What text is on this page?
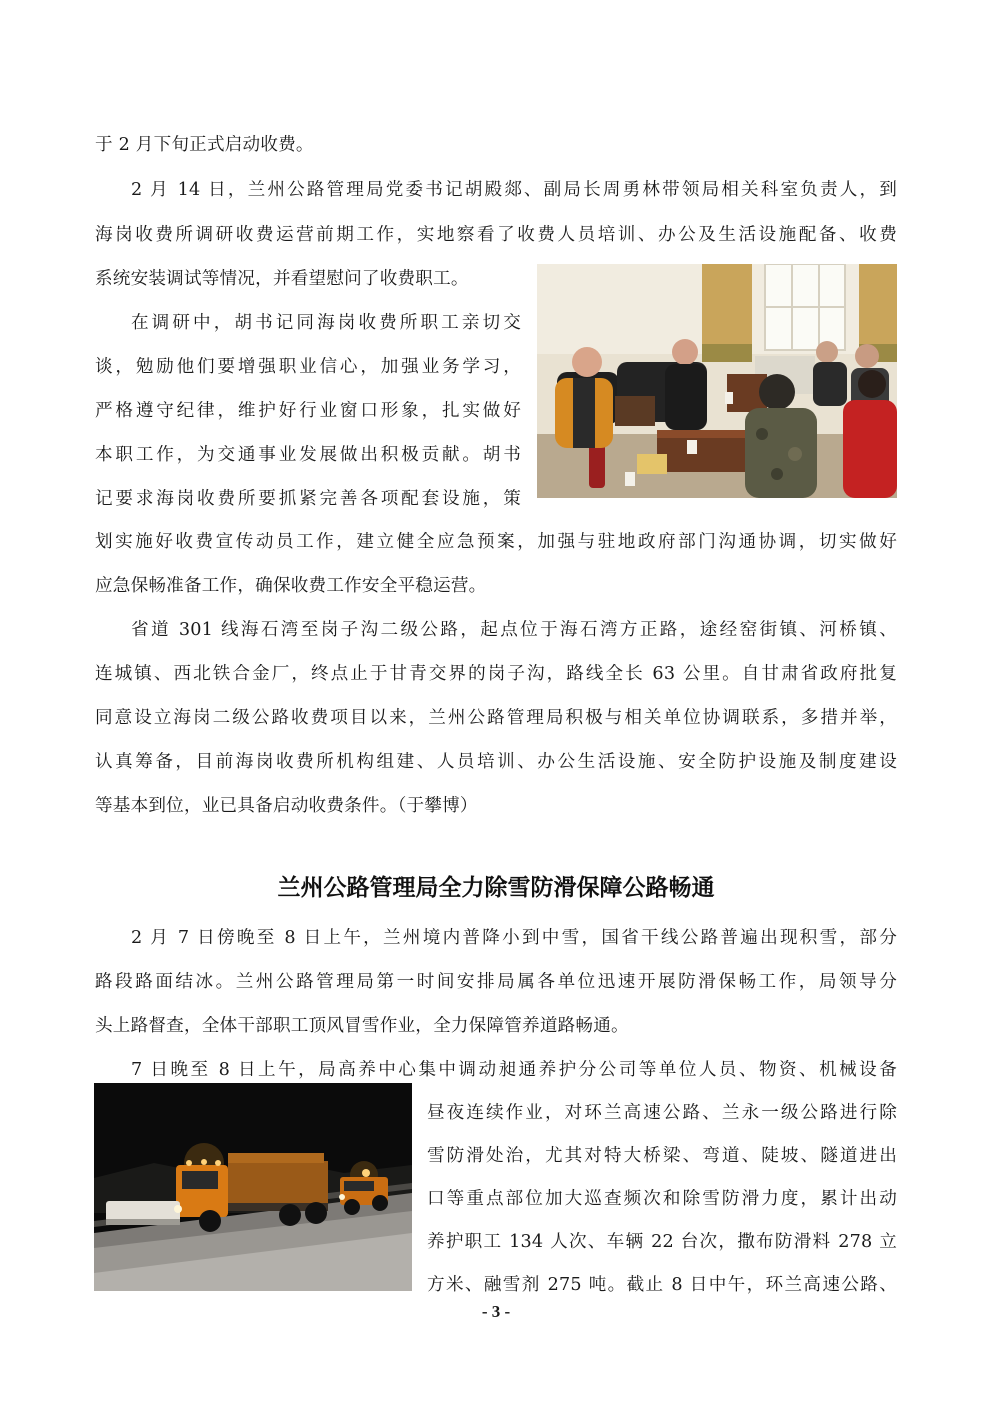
于 2 月下旬正式启动收费。
2 月 14 日，兰州公路管理局党委书记胡殿郯、副局长周勇林带领局相关科室负责人，到
海岗收费所调研收费运营前期工作，实地察看了收费人员培训、办公及生活设施配备、收费
系统安装调试等情况，并看望慰问了收费职工。
在调研中，胡书记同海岗收费所职工亲切交
谈，勉励他们要增强职业信心，加强业务学习，
严格遵守纪律，维护好行业窗口形象，扎实做好
本职工作，为交通事业发展做出积极贡献。胡书
记要求海岗收费所要抓紧完善各项配套设施，策
划实施好收费宣传动员工作，建立健全应急预案，加强与驻地政府部门沟通协调，切实做好
应急保畅准备工作，确保收费工作安全平稳运营。
省道 301 线海石湾至岗子沟二级公路，起点位于海石湾方正路，途经窑街镇、河桥镇、
连城镇、西北铁合金厂，终点止于甘青交界的岗子沟，路线全长 63 公里。自甘肃省政府批复
同意设立海岗二级公路收费项目以来，兰州公路管理局积极与相关单位协调联系，多措并举，
认真筹备，目前海岗收费所机构组建、人员培训、办公生活设施、安全防护设施及制度建设
等基本到位，业已具备启动收费条件。（于攀博）
兰州公路管理局全力除雪防滑保障公路畅通
2 月 7 日傍晚至 8 日上午，兰州境内普降小到中雪，国省干线公路普遍出现积雪，部分
路段路面结冰。兰州公路管理局第一时间安排局属各单位迅速开展防滑保畅工作，局领导分
头上路督查，全体干部职工顶风冒雪作业，全力保障管养道路畅通。
7 日晚至 8 日上午，局高养中心集中调动昶通养护分公司等单位人员、物资、机械设备
昼夜连续作业，对环兰高速公路、兰永一级公路进行除
雪防滑处治，尤其对特大桥梁、弯道、陡坡、隧道进出
口等重点部位加大巡查频次和除雪防滑力度，累计出动
养护职工 134 人次、车辆 22 台次，撒布防滑料 278 立
方米、融雪剂 275 吨。截止 8 日中午，环兰高速公路、
- 3 -
